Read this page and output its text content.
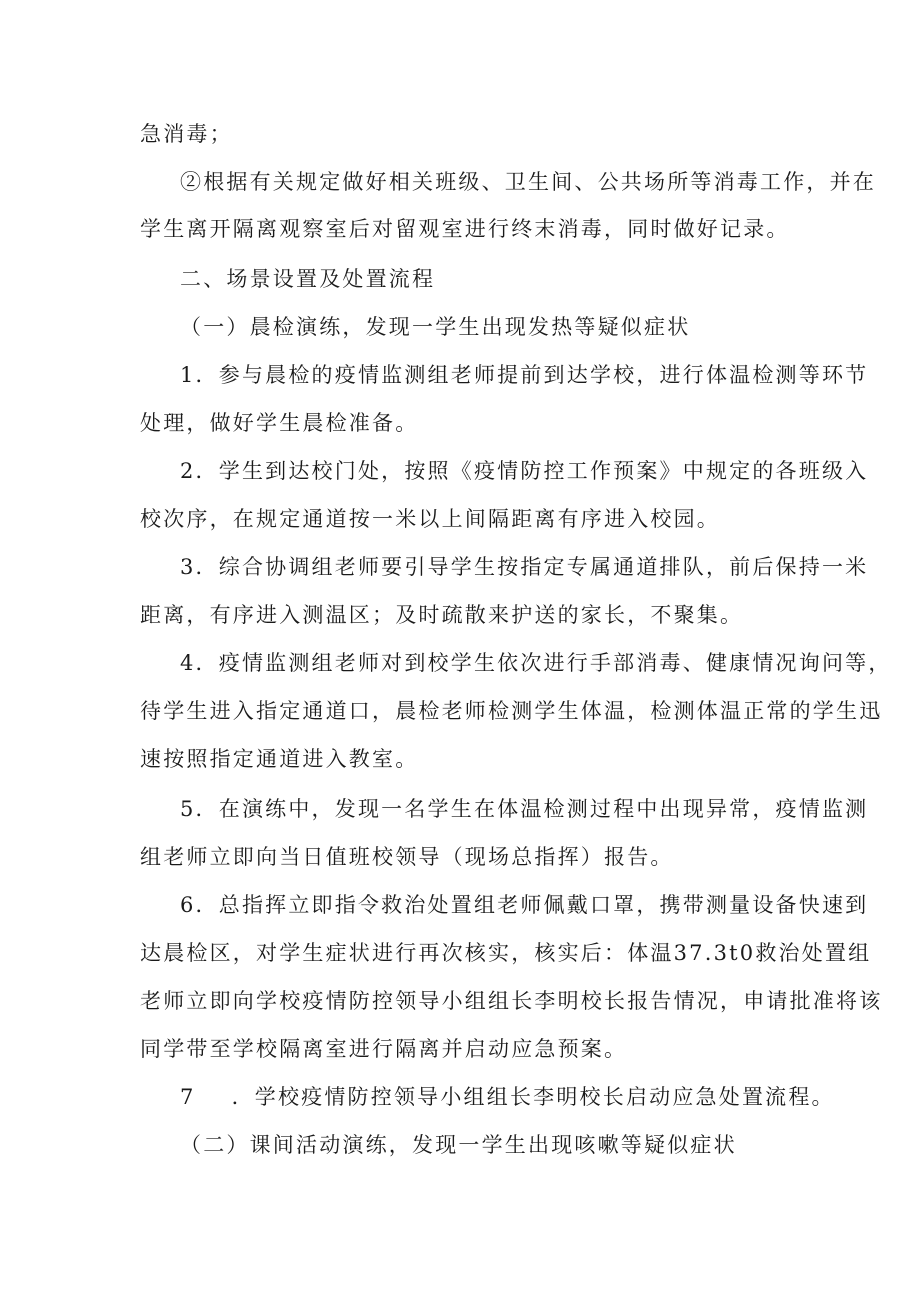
急消毒；
②根据有关规定做好相关班级、卫生间、公共场所等消毒工作，并在
学生离开隔离观察室后对留观室进行终末消毒，同时做好记录。
二、场景设置及处置流程
（一）晨检演练，发现一学生出现发热等疑似症状
1．参与晨检的疫情监测组老师提前到达学校，进行体温检测等环节
处理，做好学生晨检准备。
2．学生到达校门处，按照《疫情防控工作预案》中规定的各班级入
校次序，在规定通道按一米以上间隔距离有序进入校园。
3．综合协调组老师要引导学生按指定专属通道排队，前后保持一米
距离，有序进入测温区；及时疏散来护送的家长，不聚集。
4．疫情监测组老师对到校学生依次进行手部消毒、健康情况询问等，
待学生进入指定通道口，晨检老师检测学生体温，检测体温正常的学生迅
速按照指定通道进入教室。
5．在演练中，发现一名学生在体温检测过程中出现异常，疫情监测
组老师立即向当日值班校领导（现场总指挥）报告。
6．总指挥立即指令救治处置组老师佩戴口罩，携带测量设备快速到
达晨检区，对学生症状进行再次核实，核实后：体温37.3t0救治处置组
老师立即向学校疫情防控领导小组组长李明校长报告情况，申请批准将该
同学带至学校隔离室进行隔离并启动应急预案。
7 ．学校疫情防控领导小组组长李明校长启动应急处置流程。
（二）课间活动演练，发现一学生出现咳嗽等疑似症状
